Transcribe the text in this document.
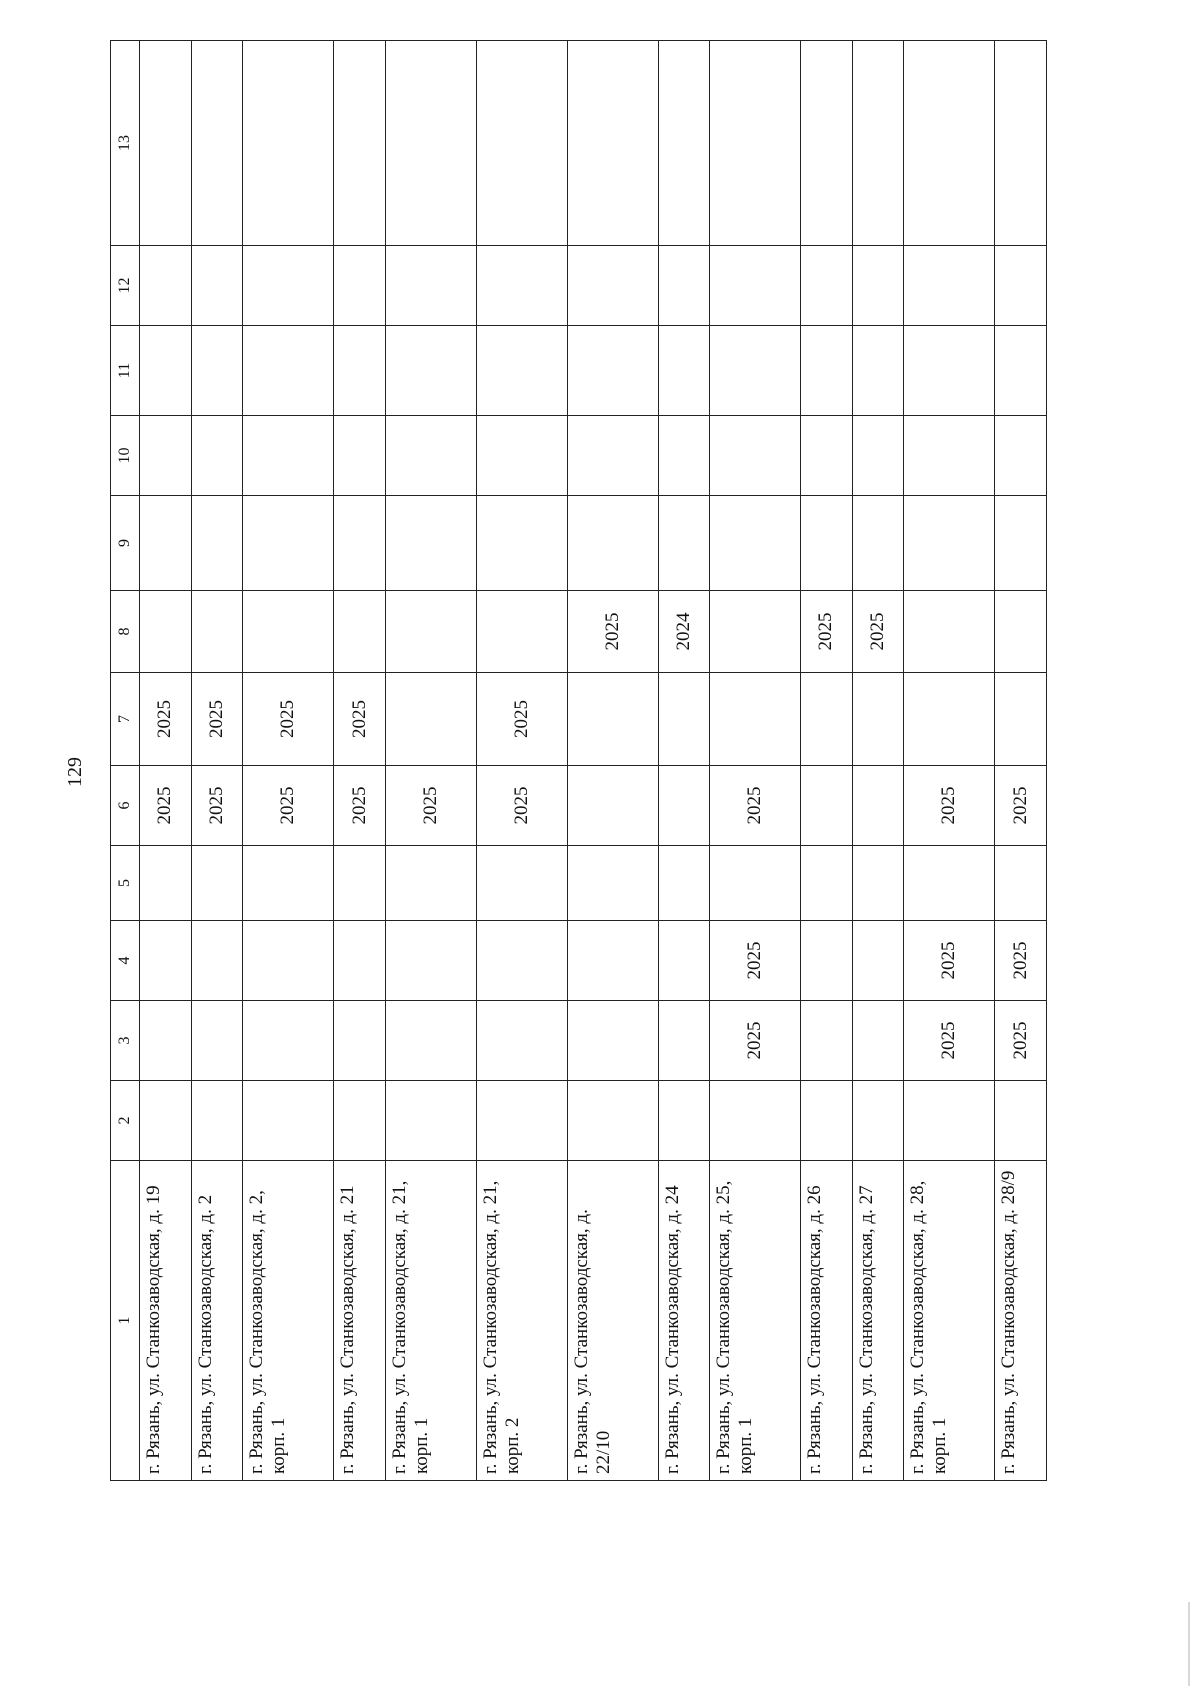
129
1	2	3	4	5	6	7	8	9	10	11	12	13
г. Рязань, ул. Станкозаводская, д. 19					2025	2025						
г. Рязань, ул. Станкозаводская, д. 2					2025	2025						
г. Рязань, ул. Станкозаводская, д. 2, корп. 1					2025	2025						
г. Рязань, ул. Станкозаводская, д. 21					2025	2025						
г. Рязань, ул. Станкозаводская, д. 21, корп. 1					2025							
г. Рязань, ул. Станкозаводская, д. 21, корп. 2					2025	2025						
г. Рязань, ул. Станкозаводская, д. 22/10							2025					
г. Рязань, ул. Станкозаводская, д. 24							2024					
г. Рязань, ул. Станкозаводская, д. 25, корп. 1		2025	2025		2025							
г. Рязань, ул. Станкозаводская, д. 26							2025					
г. Рязань, ул. Станкозаводская, д. 27							2025					
г. Рязань, ул. Станкозаводская, д. 28, корп. 1		2025	2025		2025							
г. Рязань, ул. Станкозаводская, д. 28/9		2025	2025		2025							
